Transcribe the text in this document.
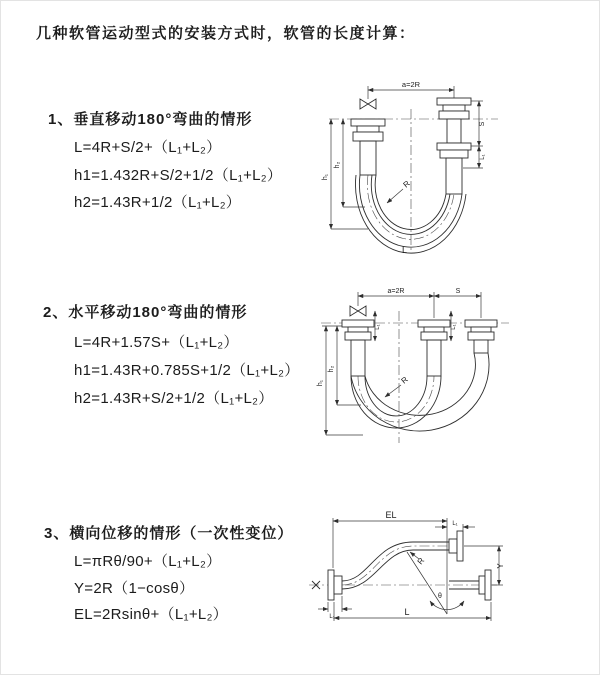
几种软管运动型式的安装方式时，软管的长度计算：
1、垂直移动180°弯曲的情形
L=4R+S/2+（L₁+L₂）
h1=1.432R+S/2+1/2（L₁+L₂）
h2=1.43R+1/2（L₁+L₂）
2、水平移动180°弯曲的情形
L=4R+1.57S+（L₁+L₂）
h1=1.43R+0.785S+1/2（L₁+L₂）
h2=1.43R+S/2+1/2（L₁+L₂）
3、横向位移的情形（一次性变位）
L=πRθ/90+（L₁+L₂）
Y=2R（1−cosθ）
EL=2Rsinθ+（L₁+L₂）
a=2R
S
L₁
h₁
h₂
R
L
a=2R	S
L₁	L₁
h₁
h₂
R
EL
L₁
Y
θ
R
L₁	L
